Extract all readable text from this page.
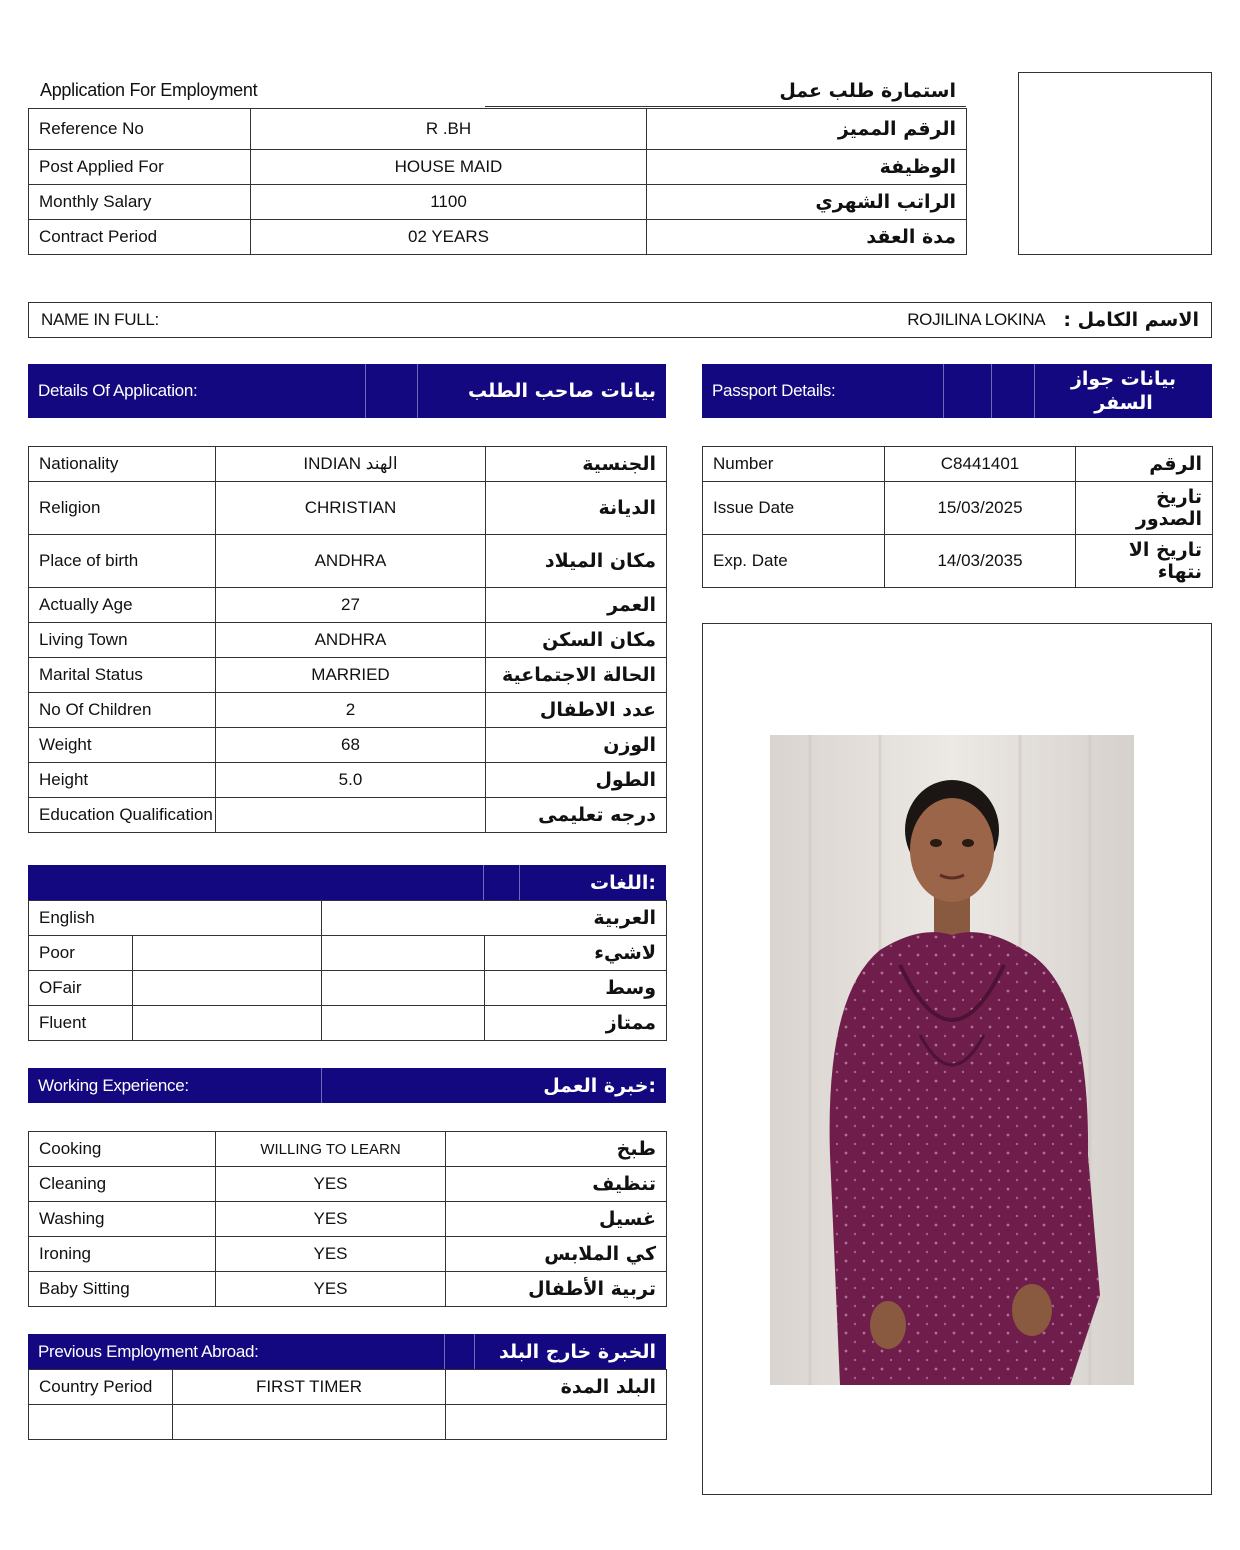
Application For Employment	استمارة طلب عمل
Reference No	R .BH	الرقم المميز
Post Applied For	HOUSE MAID	الوظيفة
Monthly Salary	1100	الراتب الشهري
Contract Period	02 YEARS	مدة العقد
NAME IN FULL:	ROJILINA LOKINA الاسم الكامل :
Details Of Application:	بيانات صاحب الطلب
Nationality	INDIAN الهند	الجنسية
Religion	CHRISTIAN	الديانة
Place of birth	ANDHRA	مكان الميلاد
Actually Age	27	العمر
Living Town	ANDHRA	مكان السكن
Marital Status	MARRIED	الحالة الاجتماعية
No Of Children	2	عدد الاطفال
Weight	68	الوزن
Height	5.0	الطول
Education Qualification		درجه تعليمى
Passport Details:
بيانات جواز السفر
Number	C8441401	الرقم
Issue Date	15/03/2025	تاريخ الصدور
Exp. Date	14/03/2035	تاريخ الا نتهاء
:اللغات
English		العربية	
Poor			لاشيء
OFair			وسط
Fluent			ممتاز
Working Experience:	:خبرة العمل
Cooking	WILLING TO LEARN	طبخ
Cleaning	YES	تنظيف
Washing	YES	غسيل
Ironing	YES	كي الملابس
Baby Sitting	YES	تربية الأطفال
Previous Employment Abroad:	الخبرة خارج البلد
Country Period	FIRST TIMER	البلد المدة
